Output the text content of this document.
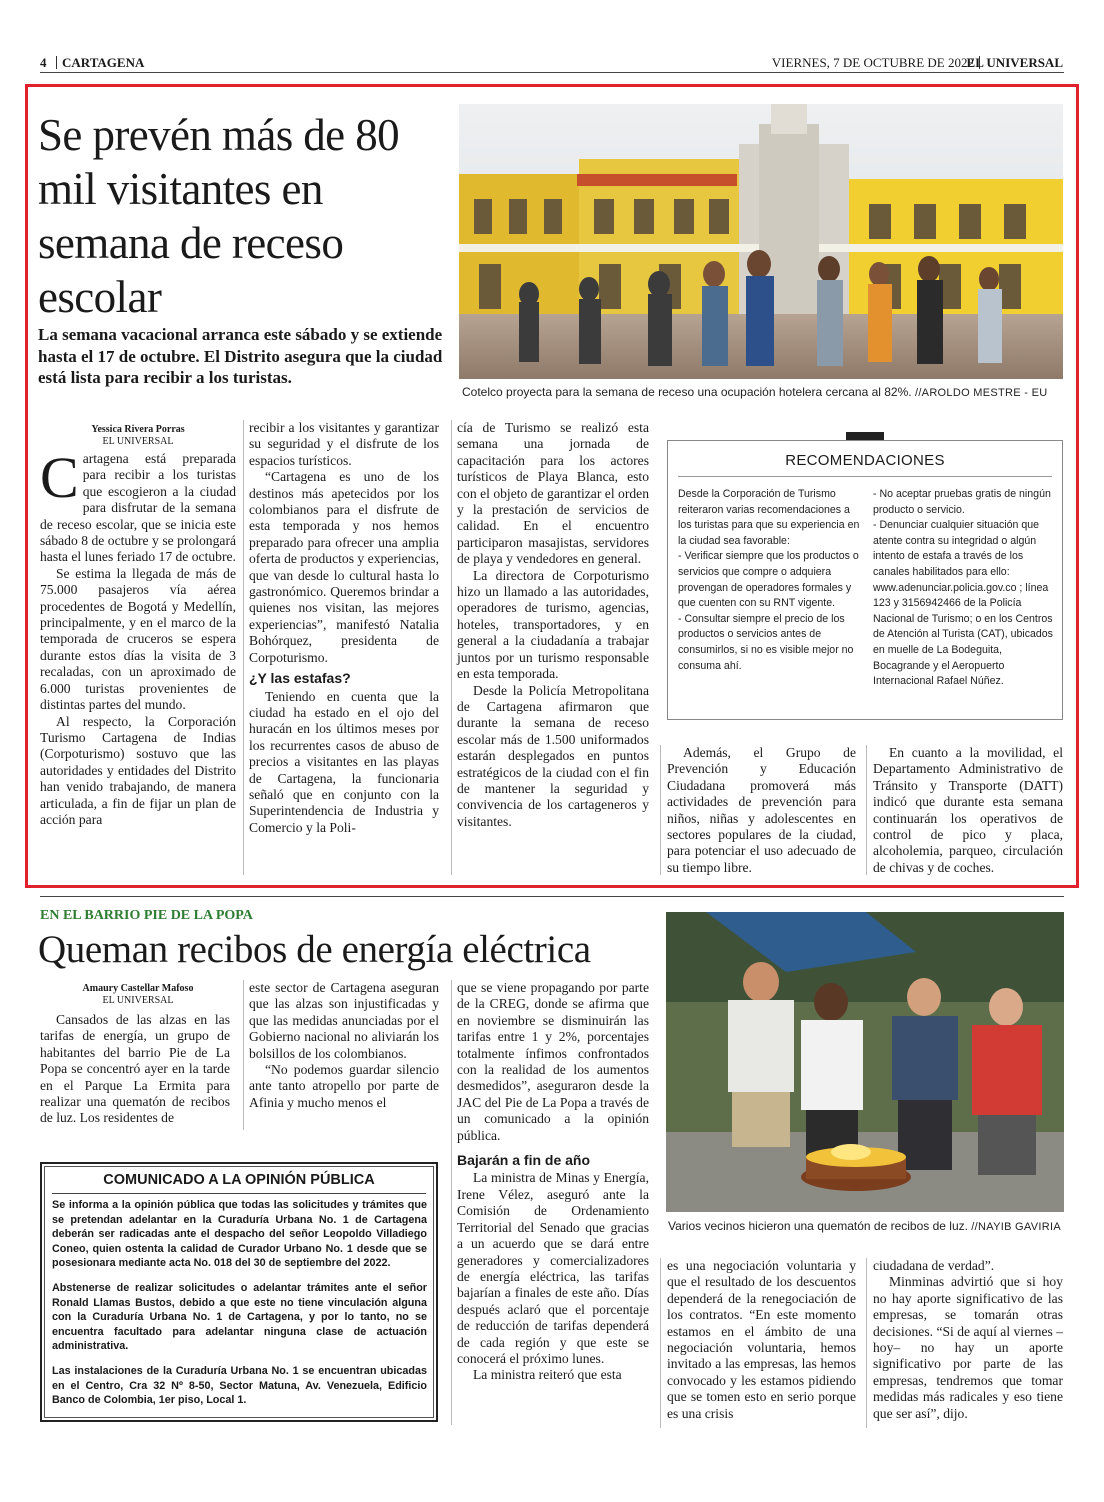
4 CARTAGENA	VIERNES, 7 DE OCTUBRE DE 2022
EL UNIVERSAL
Se prevén más de 80 mil visitantes en semana de receso escolar
La semana vacacional arranca este sábado y se extiende hasta el 17 de octubre. El Distrito asegura que la ciudad está lista para recibir a los turistas.
Cotelco proyecta para la semana de receso una ocupación hotelera cercana al 82%. //AROLDO MESTRE - EU
Yessica Rivera Porras
EL UNIVERSAL

Cartagena está preparada para recibir a los turistas que escogieron a la ciudad para disfrutar de la semana de receso escolar, que se inicia este sábado 8 de octubre y se prolongará hasta el lunes feriado 17 de octubre.

Se estima la llegada de más de 75.000 pasajeros vía aérea procedentes de Bogotá y Medellín, principalmente, y en el marco de la temporada de cruceros se espera durante estos días la visita de 3 recaladas, con un aproximado de 6.000 turistas provenientes de distintas partes del mundo.

Al respecto, la Corporación Turismo Cartagena de Indias (Corpoturismo) sostuvo que las autoridades y entidades del Distrito han venido trabajando, de manera articulada, a fin de fijar un plan de acción para

recibir a los visitantes y garantizar su seguridad y el disfrute de los espacios turísticos.

“Cartagena es uno de los destinos más apetecidos por los colombianos para el disfrute de esta temporada y nos hemos preparado para ofrecer una amplia oferta de productos y experiencias, que van desde lo cultural hasta lo gastronómico. Queremos brindar a quienes nos visitan, las mejores experiencias”, manifestó Natalia Bohórquez, presidenta de Corpoturismo.

¿Y las estafas?

Teniendo en cuenta que la ciudad ha estado en el ojo del huracán en los últimos meses por los recurrentes casos de abuso de precios a visitantes en las playas de Cartagena, la funcionaria señaló que en conjunto con la Superintendencia de Industria y Comercio y la Poli-

cía de Turismo se realizó esta semana una jornada de capacitación para los actores turísticos de Playa Blanca, esto con el objeto de garantizar el orden y la prestación de servicios de calidad. En el encuentro participaron masajistas, servidores de playa y vendedores en general.

La directora de Corpoturismo hizo un llamado a las autoridades, operadores de turismo, agencias, hoteles, transportadores, y en general a la ciudadanía a trabajar juntos por un turismo responsable en esta temporada.

Desde la Policía Metropolitana de Cartagena afirmaron que durante la semana de receso escolar más de 1.500 uniformados estarán desplegados en puntos estratégicos de la ciudad con el fin de mantener la seguridad y convivencia de los cartageneros y visitantes.

RECOMENDACIONES
Desde la Corporación de Turismo reiteraron varias recomendaciones a los turistas para que su experiencia en la ciudad sea favorable:
- Verificar siempre que los productos o servicios que compre o adquiera provengan de operadores formales y que cuenten con su RNT vigente.
- Consultar siempre el precio de los productos o servicios antes de consumirlos, si no es visible mejor no consuma ahí.
- No aceptar pruebas gratis de ningún producto o servicio.
- Denunciar cualquier situación que atente contra su integridad o algún intento de estafa a través de los canales habilitados para ello: www.adenunciar.policia.gov.co ; línea 123 y 3156942466 de la Policía Nacional de Turismo; o en los Centros de Atención al Turista (CAT), ubicados en muelle de La Bodeguita, Bocagrande y el Aeropuerto Internacional Rafael Núñez.

Además, el Grupo de Prevención y Educación Ciudadana promoverá más actividades de prevención para niños, niñas y adolescentes en sectores populares de la ciudad, para potenciar el uso adecuado de su tiempo libre.

En cuanto a la movilidad, el Departamento Administrativo de Tránsito y Transporte (DATT) indicó que durante esta semana continuarán los operativos de control de pico y placa, alcoholemia, parqueo, circulación de chivas y de coches.

EN EL BARRIO PIE DE LA POPA
Queman recibos de energía eléctrica
Amaury Castellar Mafoso
EL UNIVERSAL

Cansados de las alzas en las tarifas de energía, un grupo de habitantes del barrio Pie de La Popa se concentró ayer en la tarde en el Parque La Ermita para realizar una quematón de recibos de luz. Los residentes de

este sector de Cartagena aseguran que las alzas son injustificadas y que las medidas anunciadas por el Gobierno nacional no aliviarán los bolsillos de los colombianos.

“No podemos guardar silencio ante tanto atropello por parte de Afinia y mucho menos el

que se viene propagando por parte de la CREG, donde se afirma que en noviembre se disminuirán las tarifas entre 1 y 2%, porcentajes totalmente ínfimos confrontados con la realidad de los aumentos desmedidos”, aseguraron desde la JAC del Pie de La Popa a través de un comunicado a la opinión pública.

Bajarán a fin de año

La ministra de Minas y Energía, Irene Vélez, aseguró ante la Comisión de Ordenamiento Territorial del Senado que gracias a un acuerdo que se dará entre generadores y comercializadores de energía eléctrica, las tarifas bajarían a finales de este año. Días después aclaró que el porcentaje de reducción de tarifas dependerá de cada región y que este se conocerá el próximo lunes.

La ministra reiteró que esta

Varios vecinos hicieron una quematón de recibos de luz. //NAYIB GAVIRIA

es una negociación voluntaria y que el resultado de los descuentos dependerá de la renegociación de los contratos. “En este momento estamos en el ámbito de una negociación voluntaria, hemos invitado a las empresas, las hemos convocado y les estamos pidiendo que se tomen esto en serio porque es una crisis

ciudadana de verdad”.

Minminas advirtió que si hoy no hay aporte significativo de las empresas, se tomarán otras decisiones. “Si de aquí al viernes –hoy– no hay un aporte significativo por parte de las empresas, tendremos que tomar medidas más radicales y eso tiene que ser así”, dijo.

COMUNICADO A LA OPINIÓN PÚBLICA

Se informa a la opinión pública que todas las solicitudes y trámites que se pretendan adelantar en la Curaduría Urbana No. 1 de Cartagena deberán ser radicadas ante el despacho del señor Leopoldo Villadiego Coneo, quien ostenta la calidad de Curador Urbano No. 1 desde que se posesionara mediante acta No. 018 del 30 de septiembre del 2022.

Abstenerse de realizar solicitudes o adelantar trámites ante el señor Ronald Llamas Bustos, debido a que este no tiene vinculación alguna con la Curaduría Urbana No. 1 de Cartagena, y por lo tanto, no se encuentra facultado para adelantar ninguna clase de actuación administrativa.

Las instalaciones de la Curaduría Urbana No. 1 se encuentran ubicadas en el Centro, Cra 32 Nº 8-50, Sector Matuna, Av. Venezuela, Edificio Banco de Colombia, 1er piso, Local 1.
